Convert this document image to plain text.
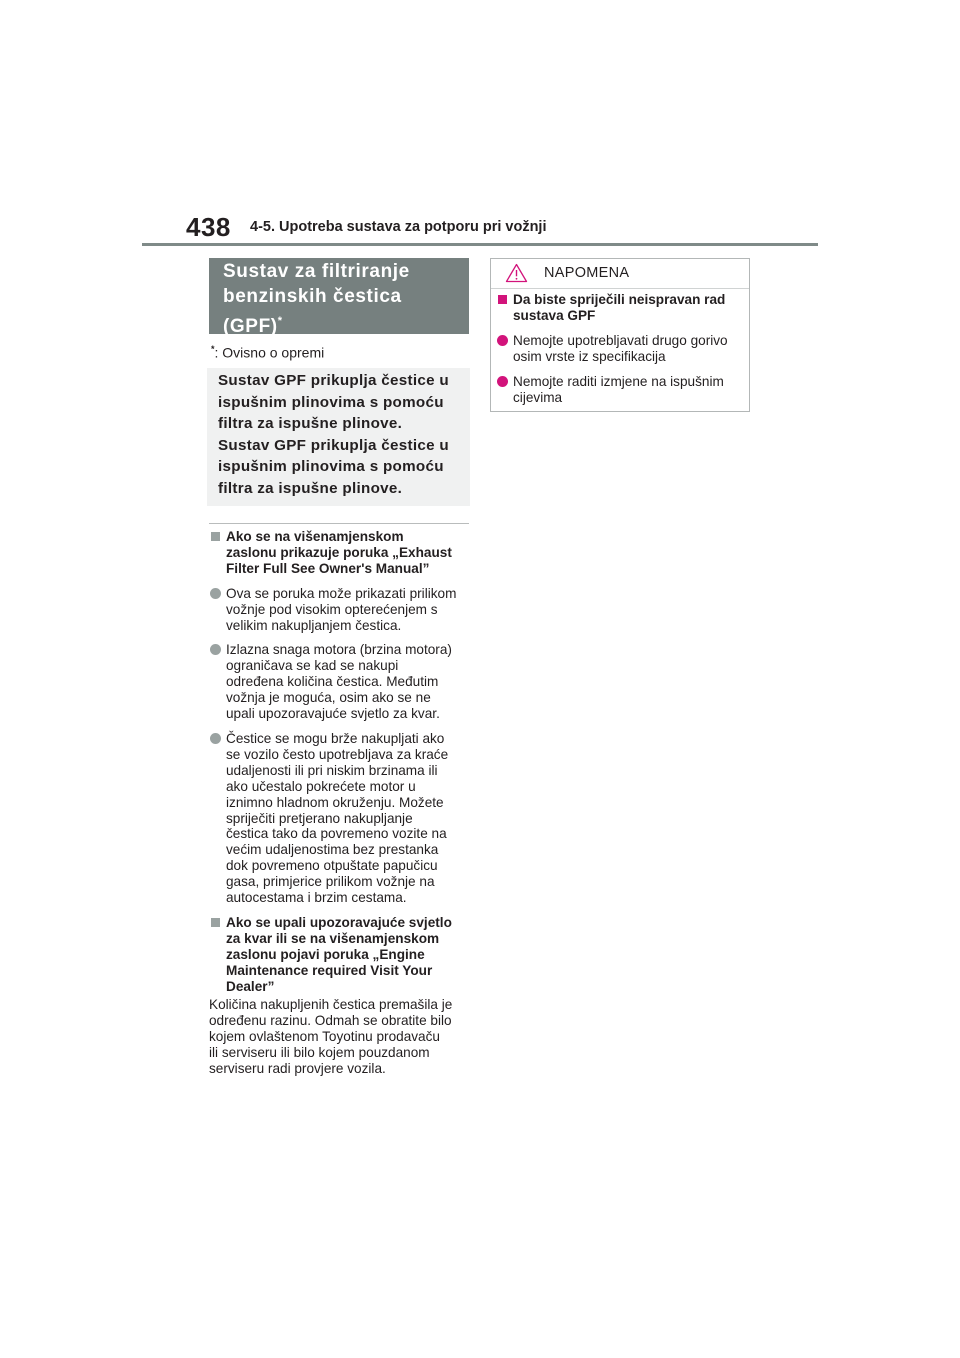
438 4-5. Upotreba sustava za potporu pri vožnji
Sustav za filtriranje
benzinskih čestica
(GPF)*
*: Ovisno o opremi

Sustav GPF prikuplja čestice u

ispušnim plinovima s pomoću

filtra za ispušne plinove.

Sustav GPF prikuplja čestice u

ispušnim plinovima s pomoću

filtra za ispušne plinove.

Ako se na višenamjenskom
zaslonu prikazuje poruka „Exhaust
Filter Full See Owner's Manual”
Ova se poruka može prikazati prilikom
vožnje pod visokim opterećenjem s
velikim nakupljanjem čestica.
Izlazna snaga motora (brzina motora)
ograničava se kad se nakupi
određena količina čestica. Međutim
vožnja je moguća, osim ako se ne
upali upozoravajuće svjetlo za kvar.
Čestice se mogu brže nakupljati ako
se vozilo često upotrebljava za kraće
udaljenosti ili pri niskim brzinama ili
ako učestalo pokrećete motor u
iznimno hladnom okruženju. Možete
spriječiti pretjerano nakupljanje
čestica tako da povremeno vozite na
većim udaljenostima bez prestanka
dok povremeno otpuštate papučicu
gasa, primjerice prilikom vožnje na
autocestama i brzim cestama.
Ako se upali upozoravajuće svjetlo
za kvar ili se na višenamjenskom
zaslonu pojavi poruka „Engine
Maintenance required Visit Your
Dealer”
Količina nakupljenih čestica premašila je
određenu razinu. Odmah se obratite bilo
kojem ovlaštenom Toyotinu prodavaču
ili serviseru ili bilo kojem pouzdanom
serviseru radi provjere vozila.
NAPOMENA
Da biste spriječili neispravan rad
sustava GPF
Nemojte upotrebljavati drugo gorivo
osim vrste iz specifikacija
Nemojte raditi izmjene na ispušnim
cijevima
